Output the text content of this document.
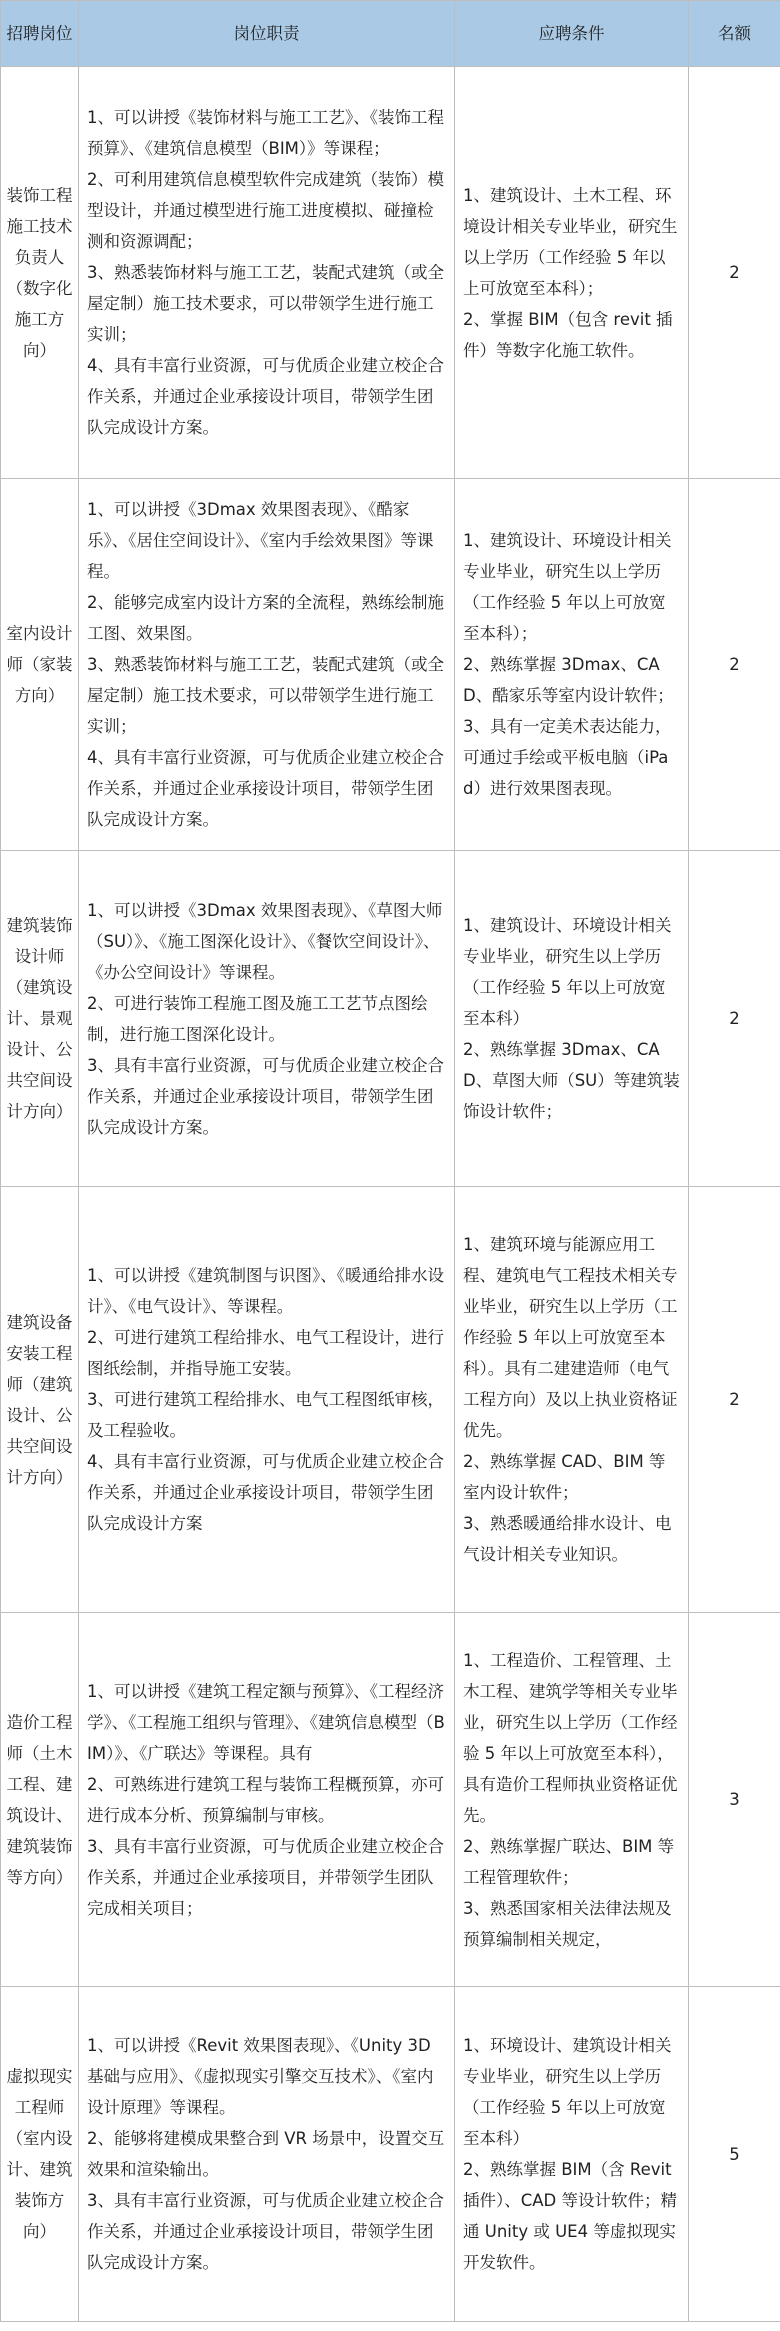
招聘岗位	岗位职责	应聘条件	名额
装饰工程施工技术负责人（数字化施工方向）	1、可以讲授《装饰材料与施工工艺》、《装饰工程预算》、《建筑信息模型（BIM）》等课程；
2、可利用建筑信息模型软件完成建筑（装饰）模型设计，并通过模型进行施工进度模拟、碰撞检测和资源调配；
3、熟悉装饰材料与施工工艺，装配式建筑（或全屋定制）施工技术要求，可以带领学生进行施工实训；
4、具有丰富行业资源，可与优质企业建立校企合作关系，并通过企业承接设计项目，带领学生团队完成设计方案。	1、建筑设计、土木工程、环境设计相关专业毕业，研究生以上学历（工作经验 5 年以上可放宽至本科）；
2、掌握 BIM（包含 revit 插件）等数字化施工软件。	2
室内设计师（家装方向）	1、可以讲授《3Dmax 效果图表现》、《酷家乐》、《居住空间设计》、《室内手绘效果图》等课程。
2、能够完成室内设计方案的全流程，熟练绘制施工图、效果图。
3、熟悉装饰材料与施工工艺，装配式建筑（或全屋定制）施工技术要求，可以带领学生进行施工实训；
4、具有丰富行业资源，可与优质企业建立校企合作关系，并通过企业承接设计项目，带领学生团队完成设计方案。	1、建筑设计、环境设计相关专业毕业，研究生以上学历（工作经验 5 年以上可放宽至本科）；
2、熟练掌握 3Dmax、CAD、酷家乐等室内设计软件；
3、具有一定美术表达能力，可通过手绘或平板电脑（iPad）进行效果图表现。	2
建筑装饰设计师（建筑设计、景观设计、公共空间设计方向）	1、可以讲授《3Dmax 效果图表现》、《草图大师（SU）》、《施工图深化设计》、《餐饮空间设计》、《办公空间设计》等课程。
2、可进行装饰工程施工图及施工工艺节点图绘制，进行施工图深化设计。
3、具有丰富行业资源，可与优质企业建立校企合作关系，并通过企业承接设计项目，带领学生团队完成设计方案。	1、建筑设计、环境设计相关专业毕业，研究生以上学历（工作经验 5 年以上可放宽至本科）
2、熟练掌握 3Dmax、CAD、草图大师（SU）等建筑装饰设计软件；	2
建筑设备安装工程师（建筑设计、公共空间设计方向）	1、可以讲授《建筑制图与识图》、《暖通给排水设计》、《电气设计》、等课程。
2、可进行建筑工程给排水、电气工程设计，进行图纸绘制，并指导施工安装。
3、可进行建筑工程给排水、电气工程图纸审核，及工程验收。
4、具有丰富行业资源，可与优质企业建立校企合作关系，并通过企业承接设计项目，带领学生团队完成设计方案	1、建筑环境与能源应用工程、建筑电气工程技术相关专业毕业，研究生以上学历（工作经验 5 年以上可放宽至本科）。具有二建建造师（电气工程方向）及以上执业资格证优先。
2、熟练掌握 CAD、BIM 等室内设计软件；
3、熟悉暖通给排水设计、电气设计相关专业知识。	2
造价工程师（土木工程、建筑设计、建筑装饰等方向）	1、可以讲授《建筑工程定额与预算》、《工程经济学》、《工程施工组织与管理》、《建筑信息模型（BIM）》、《广联达》等课程。具有
2、可熟练进行建筑工程与装饰工程概预算，亦可进行成本分析、预算编制与审核。
3、具有丰富行业资源，可与优质企业建立校企合作关系，并通过企业承接项目，并带领学生团队完成相关项目；	1、工程造价、工程管理、土木工程、建筑学等相关专业毕业，研究生以上学历（工作经验 5 年以上可放宽至本科），具有造价工程师执业资格证优先。
2、熟练掌握广联达、BIM 等工程管理软件；
3、熟悉国家相关法律法规及预算编制相关规定，	3
虚拟现实工程师（室内设计、建筑装饰方向）	1、可以讲授《Revit 效果图表现》、《Unity 3D 基础与应用》、《虚拟现实引擎交互技术》、《室内设计原理》等课程。
2、能够将建模成果整合到 VR 场景中，设置交互效果和渲染输出。
3、具有丰富行业资源，可与优质企业建立校企合作关系，并通过企业承接设计项目，带领学生团队完成设计方案。	1、环境设计、建筑设计相关专业毕业，研究生以上学历（工作经验 5 年以上可放宽至本科）
2、熟练掌握 BIM（含 Revit 插件）、CAD 等设计软件；精通 Unity 或 UE4 等虚拟现实开发软件。	5
